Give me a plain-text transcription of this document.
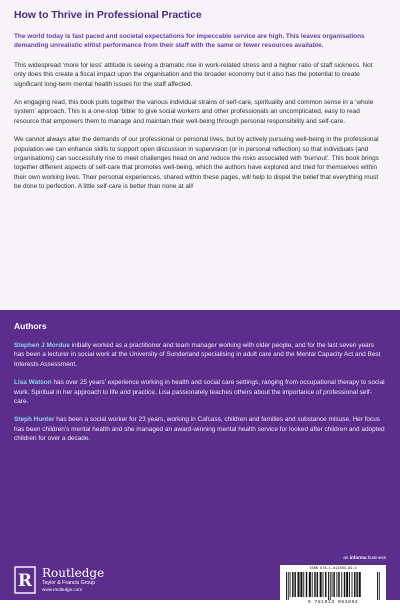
How to Thrive in Professional Practice
The world today is fast paced and societal expectations for impeccable service are high. This leaves organisations demanding unrealistic elitist performance from their staff with the same or fewer resources available.
This widespread ‘more for less’ attitude is seeing a dramatic rise in work-related stress and a higher ratio of staff sickness. Not only does this create a fiscal impact upon the organisation and the broader economy but it also has the potential to create significant long-term mental health issues for the staff affected.
An engaging read, this book pulls together the various individual strains of self-care, spirituality and common sense in a ‘whole system’ approach. This is a one-stop ‘bible’ to give social workers and other professionals an uncomplicated, easy to read resource that empowers them to manage and maintain their well-being through personal responsibility and self-care.
We cannot always alter the demands of our professional or personal lives, but by actively pursuing well-being in the professional population we can enhance skills to support open discussion in supervision (or in personal reflection) so that individuals (and organisations) can successfully rise to meet challenges head on and reduce the risks associated with ‘burnout’. This book brings together different aspects of self-care that promotes well-being, which the authors have explored and tried for themselves within their own working lives. Their personal experiences, shared within these pages, will help to dispel the belief that everything must be done to perfection. A little self-care is better than none at all!
Authors
Stephen J Mordue initially worked as a practitioner and team manager working with older people, and for the last seven years has been a lecturer in social work at the University of Sunderland specialising in adult care and the Mental Capacity Act and Best Interests Assessment.
Lisa Watson has over 25 years’ experience working in health and social care settings, ranging from occupational therapy to social work. Spiritual in her approach to life and practice, Lisa passionately teaches others about the importance of professional self-care.
Steph Hunter has been a social worker for 23 years, working in Cafcass, children and families and substance misuse. Her focus has been children’s mental health and she managed an award-winning mental health service for looked after children and adopted children for over a decade.
an informa business
R Routledge
Taylor & Francis Group
www.routledge.com
ISBN 978-1-913063-89-4
9 781913 063894
